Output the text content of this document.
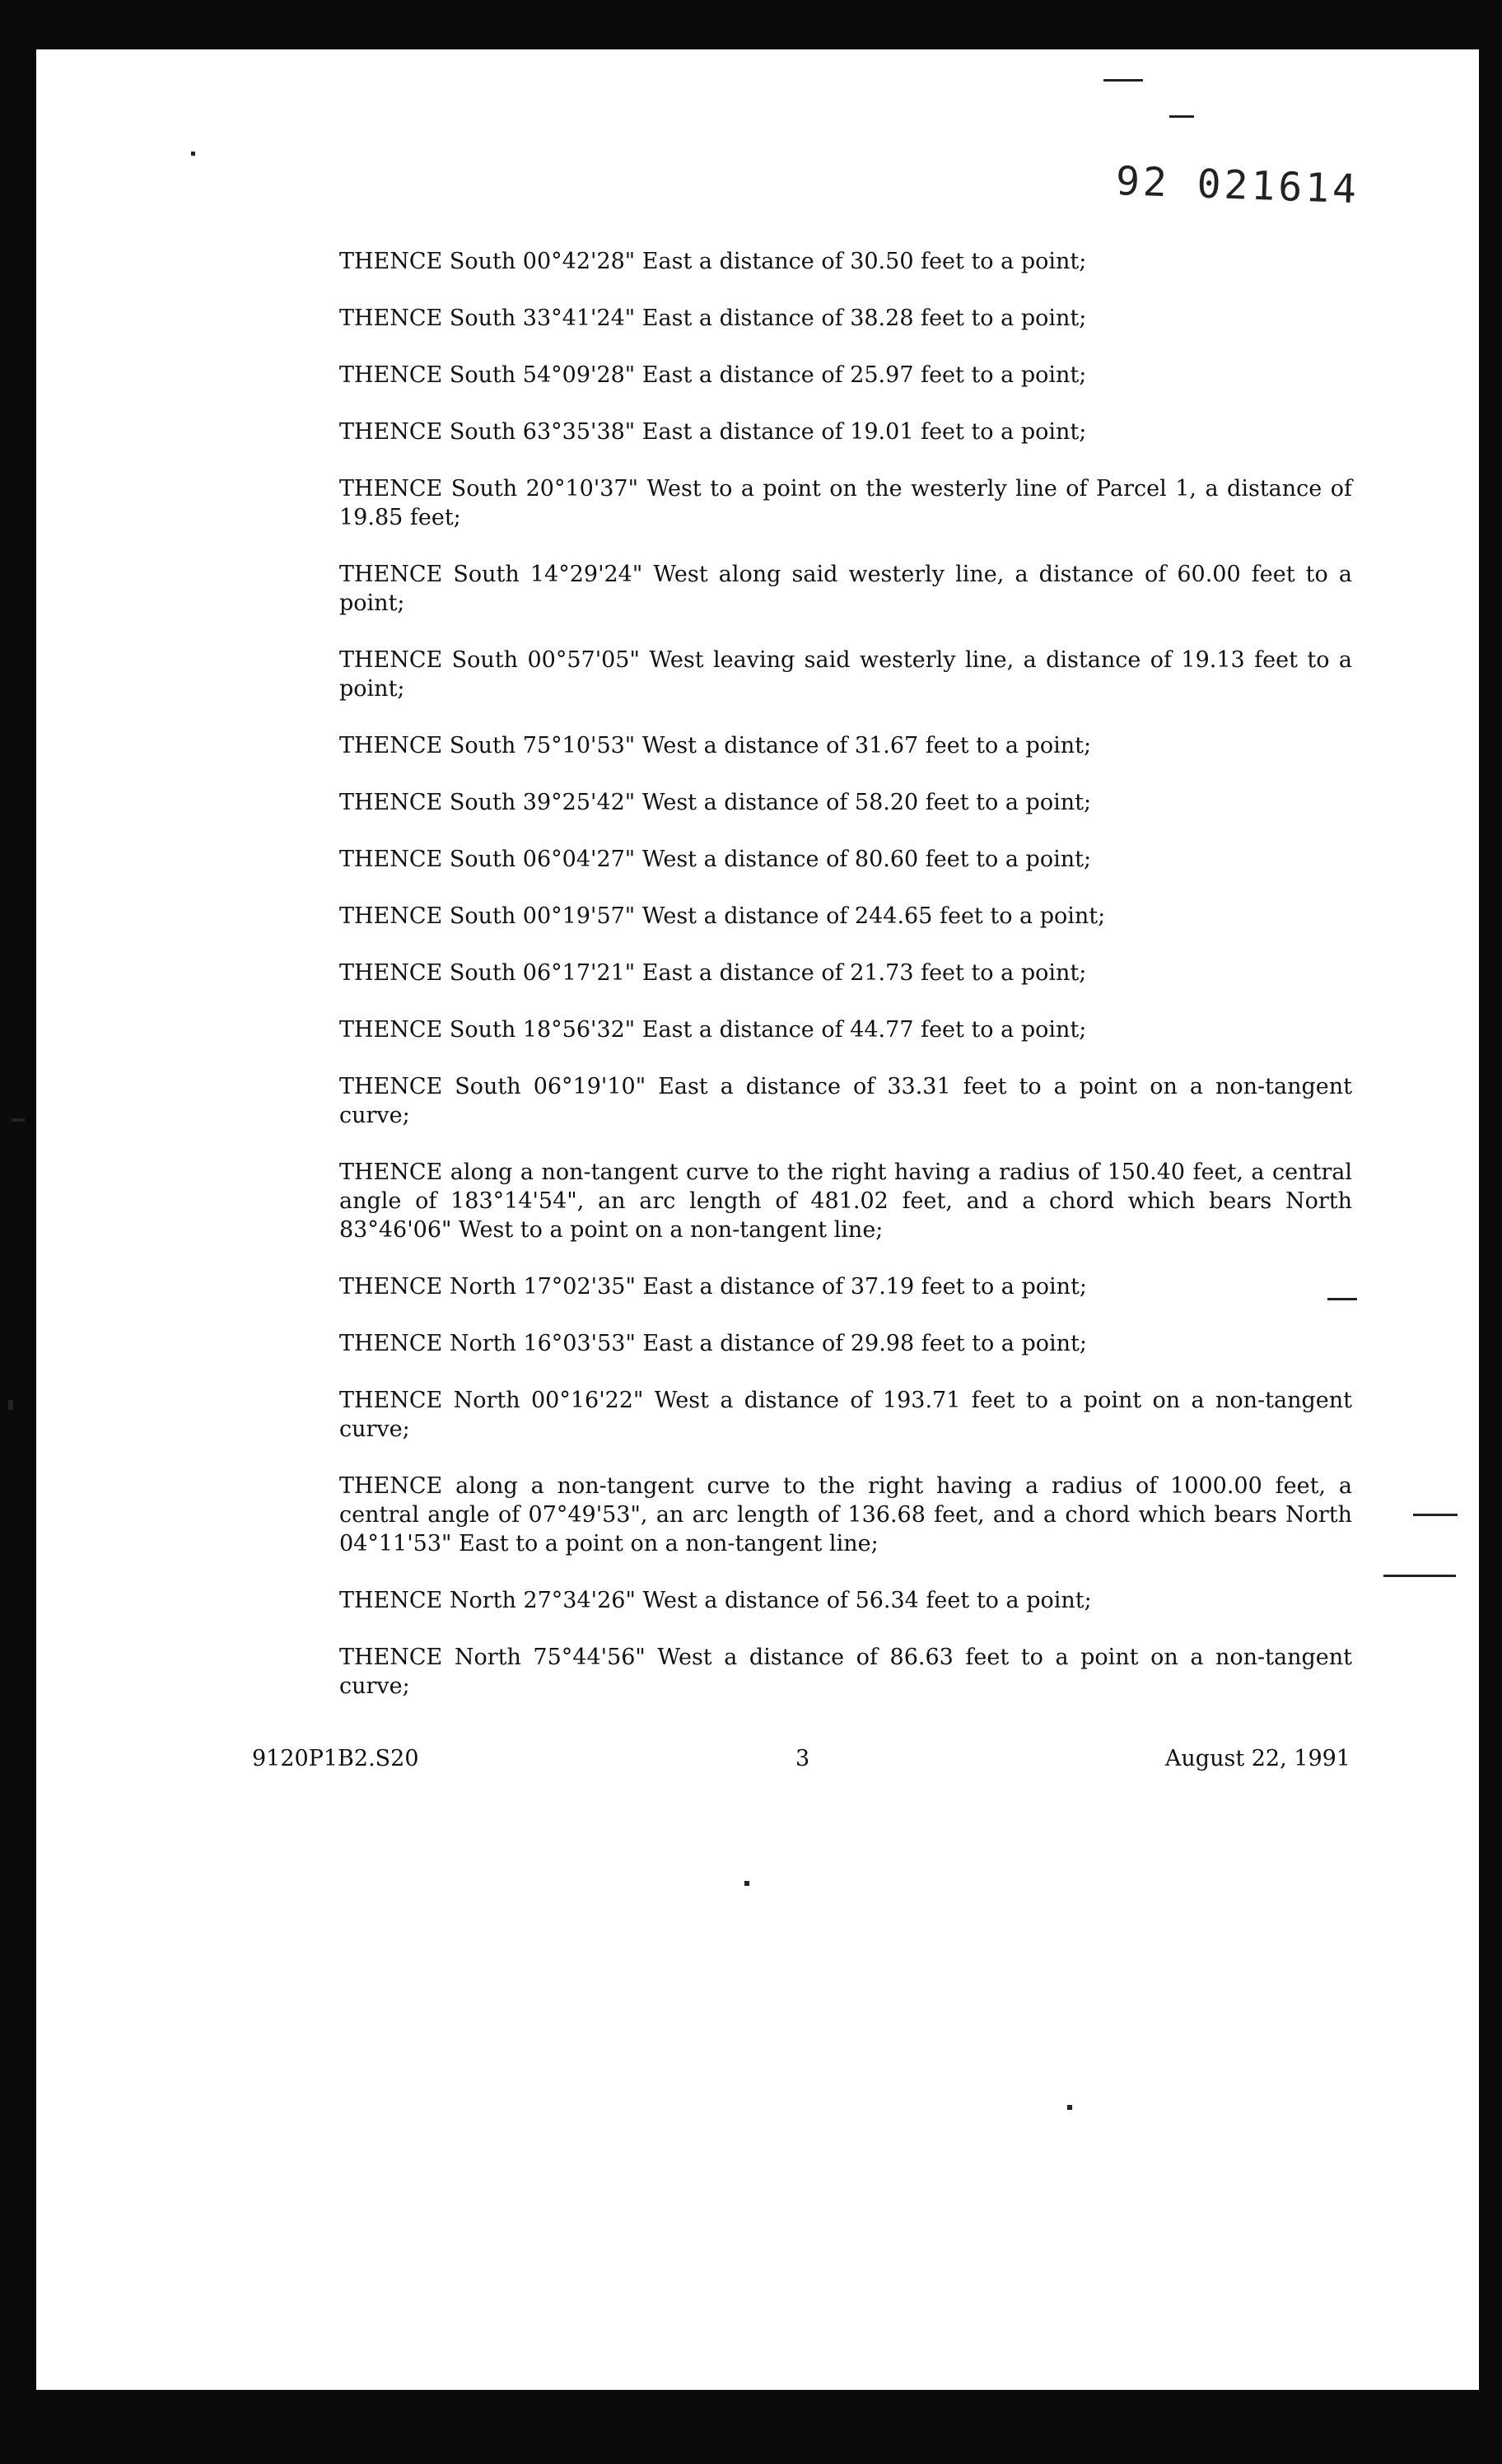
92 021614

THENCE South 00°42'28" East a distance of 30.50 feet to a point;

THENCE South 33°41'24" East a distance of 38.28 feet to a point;

THENCE South 54°09'28" East a distance of 25.97 feet to a point;

THENCE South 63°35'38" East a distance of 19.01 feet to a point;

THENCE South 20°10'37" West to a point on the westerly line of Parcel 1, a distance of 19.85 feet;

THENCE South 14°29'24" West along said westerly line, a distance of 60.00 feet to a point;

THENCE South 00°57'05" West leaving said westerly line, a distance of 19.13 feet to a point;

THENCE South 75°10'53" West a distance of 31.67 feet to a point;

THENCE South 39°25'42" West a distance of 58.20 feet to a point;

THENCE South 06°04'27" West a distance of 80.60 feet to a point;

THENCE South 00°19'57" West a distance of 244.65 feet to a point;

THENCE South 06°17'21" East a distance of 21.73 feet to a point;

THENCE South 18°56'32" East a distance of 44.77 feet to a point;

THENCE South 06°19'10" East a distance of 33.31 feet to a point on a non-tangent curve;

THENCE along a non-tangent curve to the right having a radius of 150.40 feet, a central angle of 183°14'54", an arc length of 481.02 feet, and a chord which bears North 83°46'06" West to a point on a non-tangent line;

THENCE North 17°02'35" East a distance of 37.19 feet to a point;

THENCE North 16°03'53" East a distance of 29.98 feet to a point;

THENCE North 00°16'22" West a distance of 193.71 feet to a point on a non-tangent curve;

THENCE along a non-tangent curve to the right having a radius of 1000.00 feet, a central angle of 07°49'53", an arc length of 136.68 feet, and a chord which bears North 04°11'53" East to a point on a non-tangent line;

THENCE North 27°34'26" West a distance of 56.34 feet to a point;

THENCE North 75°44'56" West a distance of 86.63 feet to a point on a non-tangent curve;

9120P1B2.S20	3	August 22, 1991
